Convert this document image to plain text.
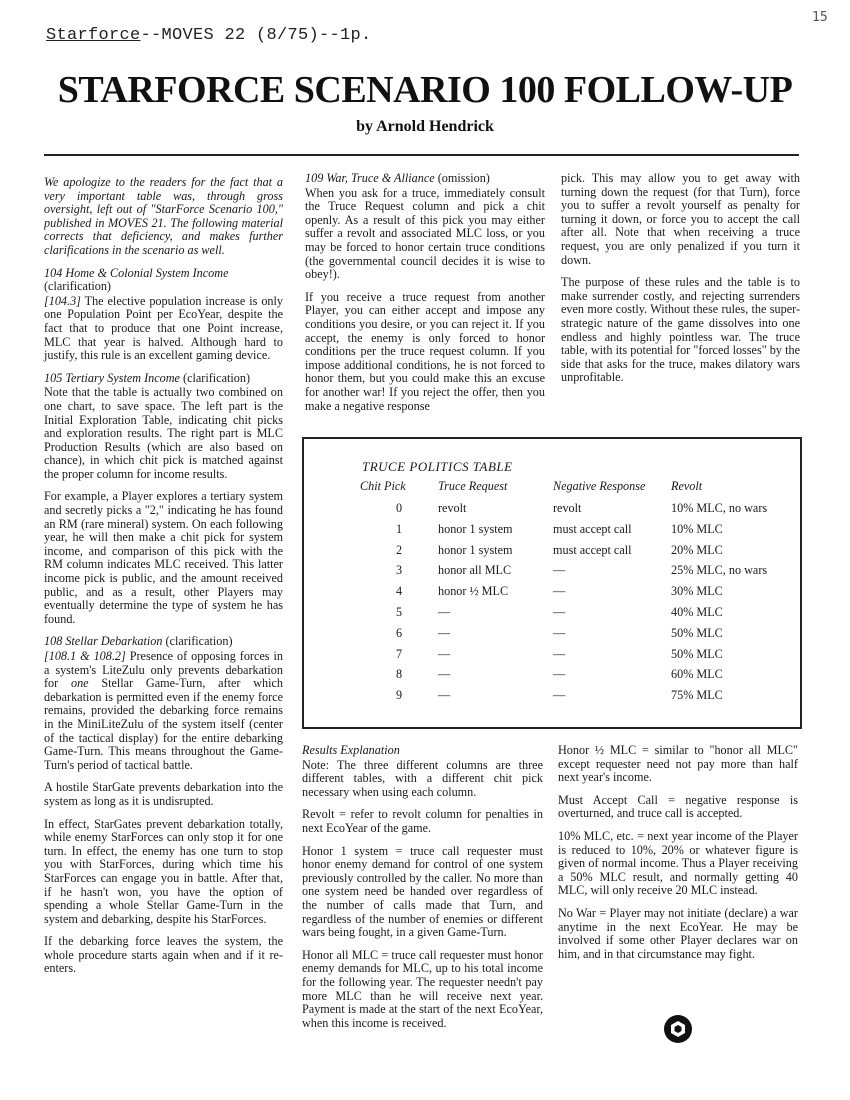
15
Starforce--MOVES 22 (8/75)--1p.
STARFORCE SCENARIO 100 FOLLOW-UP
by Arnold Hendrick

We apologize to the readers for the fact that a very important table was, through gross oversight, left out of "StarForce Scenario 100," published in MOVES 21. The following material corrects that deficiency, and makes further clarifications in the scenario as well.

104 Home & Colonial System Income
(clarification)

[104.3] The elective population increase is only one Population Point per EcoYear, despite the fact that to produce that one Point increase, MLC that year is halved. Although hard to justify, this rule is an excellent gaming device.

105 Tertiary System Income (clarification)

Note that the table is actually two combined on one chart, to save space. The left part is the Initial Exploration Table, indicating chit picks and exploration results. The right part is MLC Production Results (which are also based on chance), in which chit pick is matched against the proper column for income results.

For example, a Player explores a tertiary system and secretly picks a "2," indicating he has found an RM (rare mineral) system. On each following year, he will then make a chit pick for system income, and comparison of this pick with the RM column indicates MLC received. This latter income pick is public, and the amount received public, and as a result, other Players may eventually determine the type of system he has found.

108 Stellar Debarkation (clarification)

[108.1 & 108.2] Presence of opposing forces in a system's LiteZulu only prevents debarkation for one Stellar Game-Turn, after which debarkation is permitted even if the enemy force remains, provided the debarking force remains in the MiniLiteZulu of the system itself (center of the tactical display) for the entire debarking Game-Turn. This means throughout the Game-Turn's period of tactical battle.

A hostile StarGate prevents debarkation into the system as long as it is undisrupted.

In effect, StarGates prevent debarkation totally, while enemy StarForces can only stop it for one turn. In effect, the enemy has one turn to stop you with StarForces, during which time his StarForces can engage you in battle. After that, if he hasn't won, you have the option of spending a whole Stellar Game-Turn in the system and debarking, despite his StarForces.

If the debarking force leaves the system, the whole procedure starts again when and if it re-enters.

109 War, Truce & Alliance (omission)

When you ask for a truce, immediately consult the Truce Request column and pick a chit openly. As a result of this pick you may either suffer a revolt and associated MLC loss, or you may be forced to honor certain truce conditions (the governmental council decides it is wise to obey!).

If you receive a truce request from another Player, you can either accept and impose any conditions you desire, or you can reject it. If you accept, the enemy is only forced to honor conditions per the truce request column. If you impose additional conditions, he is not forced to honor them, but you could make this an excuse for another war! If you reject the offer, then you make a negative response

pick. This may allow you to get away with turning down the request (for that Turn), force you to suffer a revolt yourself as penalty for turning it down, or force you to accept the call after all. Note that when receiving a truce request, you are only penalized if you turn it down.

The purpose of these rules and the table is to make surrender costly, and rejecting surrenders even more costly. Without these rules, the super-strategic nature of the game dissolves into one endless and highly pointless war. The truce table, with its potential for "forced losses" by the side that asks for the truce, makes dilatory wars unprofitable.

TRUCE POLITICS TABLE
Chit Pick	Truce Request	Negative Response	Revolt
0	revolt	revolt	10% MLC, no wars
1	honor 1 system	must accept call	10% MLC
2	honor 1 system	must accept call	20% MLC
3	honor all MLC	—	25% MLC, no wars
4	honor ½ MLC	—	30% MLC
5	—	—	40% MLC
6	—	—	50% MLC
7	—	—	50% MLC
8	—	—	60% MLC
9	—	—	75% MLC

Results Explanation

Note: The three different columns are three different tables, with a different chit pick necessary when using each column.

Revolt = refer to revolt column for penalties in next EcoYear of the game.

Honor 1 system = truce call requester must honor enemy demand for control of one system previously controlled by the caller. No more than one system need be handed over regardless of the number of calls made that Turn, and regardless of the number of enemies or different wars being fought, in a given Game-Turn.

Honor all MLC = truce call requester must honor enemy demands for MLC, up to his total income for the following year. The requester needn't pay more MLC than he will receive next year. Payment is made at the start of the next EcoYear, when this income is received.

Honor ½ MLC = similar to "honor all MLC" except requester need not pay more than half next year's income.

Must Accept Call = negative response is overturned, and truce call is accepted.

10% MLC, etc. = next year income of the Player is reduced to 10%, 20% or whatever figure is given of normal income. Thus a Player receiving a 50% MLC result, and normally getting 40 MLC, will only receive 20 MLC instead.

No War = Player may not initiate (declare) a war anytime in the next EcoYear. He may be involved if some other Player declares war on him, and in that circumstance may fight.
